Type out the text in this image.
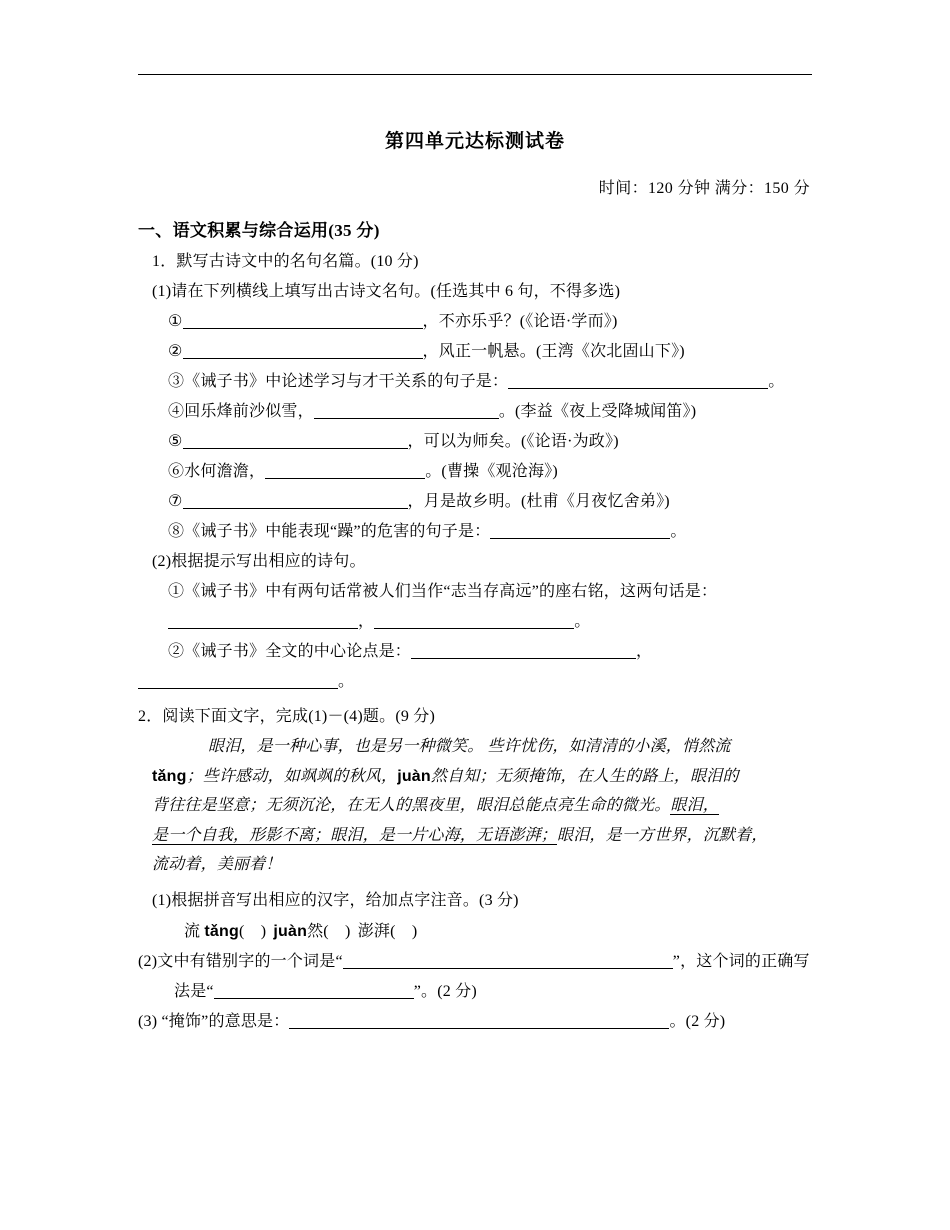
第四单元达标测试卷
时间：120 分钟 满分：150 分
一、语文积累与综合运用(35 分)
1．默写古诗文中的名句名篇。(10 分)
(1)请在下列横线上填写出古诗文名句。(任选其中 6 句，不得多选)
①	，不亦乐乎？(《论语·学而》)
②	，风正一帆悬。(王湾《次北固山下》)
③《诫子书》中论述学习与才干关系的句子是：	。
④回乐烽前沙似雪，	。(李益《夜上受降城闻笛》)
⑤	，可以为师矣。(《论语·为政》)
⑥水何澹澹，	。(曹操《观沧海》)
⑦	，月是故乡明。(杜甫《月夜忆舍弟》)
⑧《诫子书》中能表现“躁”的危害的句子是：	。
(2)根据提示写出相应的诗句。
①《诫子书》中有两句话常被人们当作“志当存高远”的座右铭，这两句话是：
，	。
②《诫子书》全文的中心论点是：	，
。
2．阅读下面文字，完成(1)－(4)题。(9 分)
眼泪，是一种心事，也是另一种微笑。 些许忧伤，如清清的小溪，悄然流
tǎng；些许感动，如飒飒的秋风，juàn然自知；无须掩饰，在人生的路上，眼泪的
背往往是坚意；无须沉沦，在无人的黑夜里，眼泪总能点亮生命的微光。眼泪，
是一个自我，形影不离；眼泪，是一片心海，无语澎湃；眼泪，是一方世界，沉默着，
流动着，美丽着！
(1)根据拼音写出相应的汉字，给加点字注音。(3 分)
流 tǎng(　) juàn然(　) 澎湃(　)
(2)文中有错别字的一个词是“	”，这个词的正确写
法是“	”。(2 分)
(3) “掩饰”的意思是：	。(2 分)
